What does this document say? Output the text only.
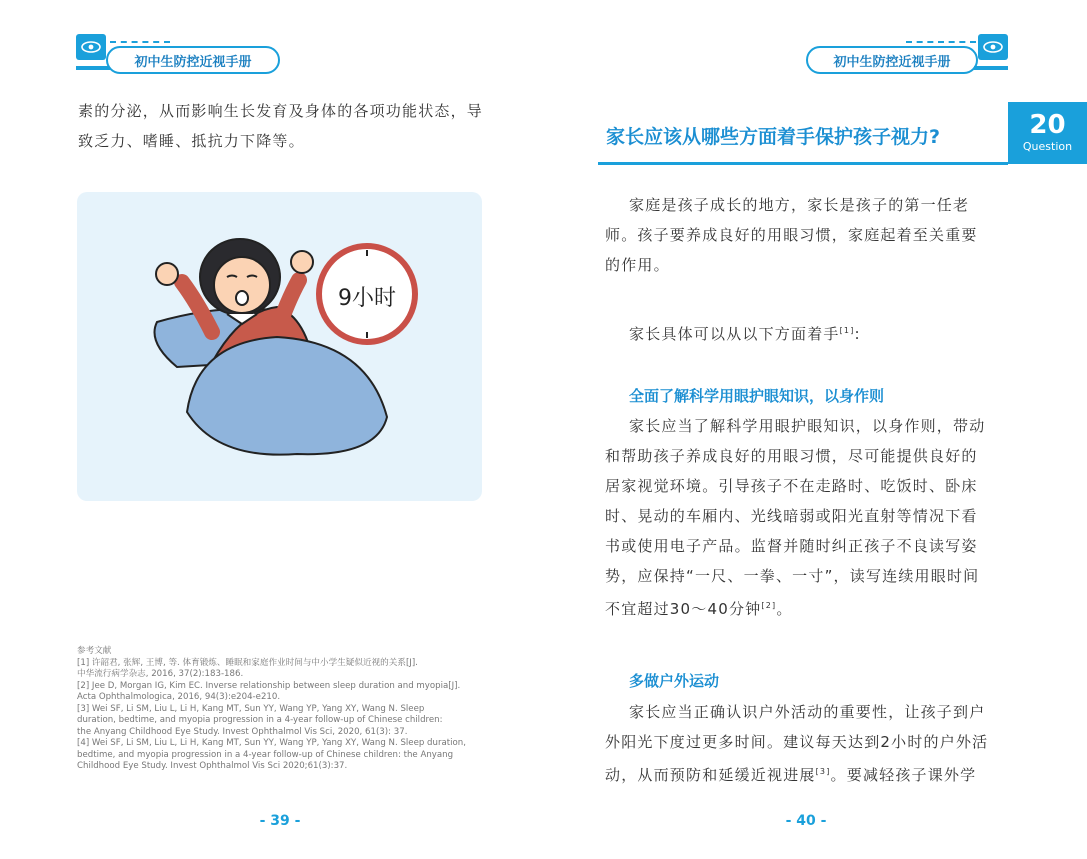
初中生防控近视手册	初中生防控近视手册
素的分泌，从而影响生长发育及身体的各项功能状态，导
致乏力、嗜睡、抵抗力下降等。
9小时
参考文献
[1] 许韶君, 张辉, 王博, 等. 体育锻炼、睡眠和家庭作业时间与中小学生疑似近视的关系[J].
中华流行病学杂志, 2016, 37(2):183-186.
[2] Jee D, Morgan IG, Kim EC. Inverse relationship between sleep duration and myopia[J].
Acta Ophthalmologica, 2016, 94(3):e204-e210.
[3] Wei SF, Li SM, Liu L, Li H, Kang MT, Sun YY, Wang YP, Yang XY, Wang N. Sleep
duration, bedtime, and myopia progression in a 4-year follow-up of Chinese children:
the Anyang Childhood Eye Study. Invest Ophthalmol Vis Sci, 2020, 61(3): 37.
[4] Wei SF, Li SM, Liu L, Li H, Kang MT, Sun YY, Wang YP, Yang XY, Wang N. Sleep duration,
bedtime, and myopia progression in a 4-year follow-up of Chinese children: the Anyang
Childhood Eye Study. Invest Ophthalmol Vis Sci 2020;61(3):37.
- 39 -
家长应该从哪些方面着手保护孩子视力?	20
Question
家庭是孩子成长的地方，家长是孩子的第一任老
师。孩子要养成良好的用眼习惯，家庭起着至关重要
的作用。
家长具体可以从以下方面着手[1]:
全面了解科学用眼护眼知识，以身作则
家长应当了解科学用眼护眼知识，以身作则，带动
和帮助孩子养成良好的用眼习惯，尽可能提供良好的
居家视觉环境。引导孩子不在走路时、吃饭时、卧床
时、晃动的车厢内、光线暗弱或阳光直射等情况下看
书或使用电子产品。监督并随时纠正孩子不良读写姿
势，应保持“一尺、一拳、一寸”，读写连续用眼时间
不宜超过30～40分钟[2]。
多做户外运动
家长应当正确认识户外活动的重要性，让孩子到户
外阳光下度过更多时间。建议每天达到2小时的户外活
动，从而预防和延缓近视进展[3]。要减轻孩子课外学
- 40 -
